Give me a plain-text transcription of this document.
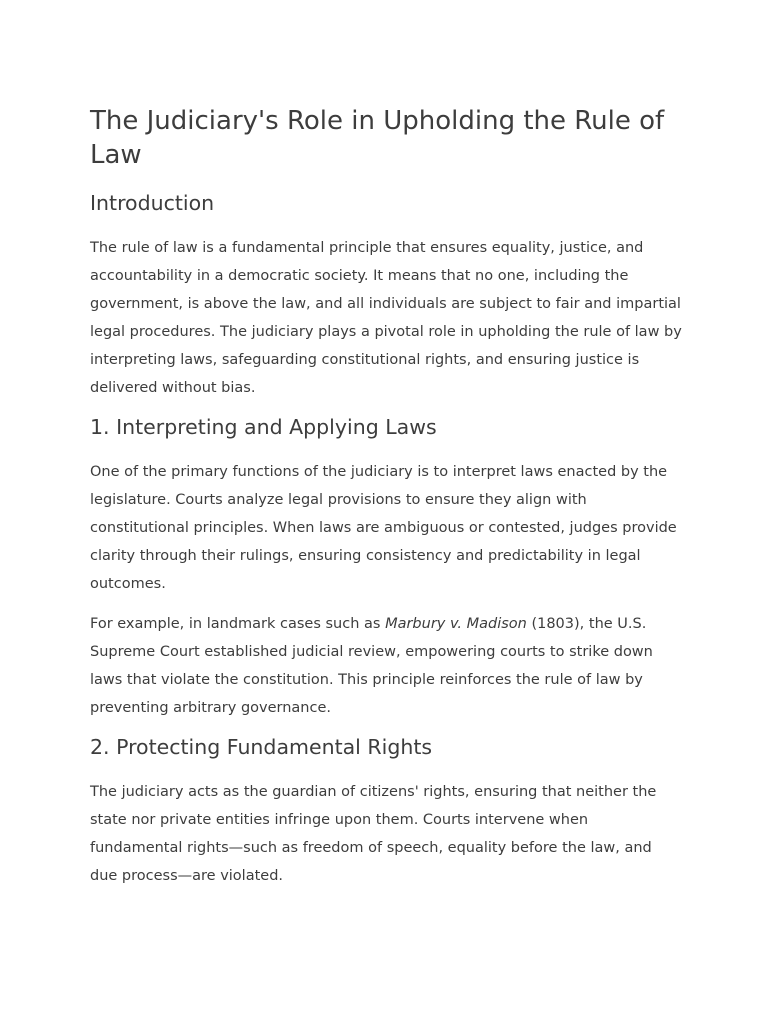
The Judiciary's Role in Upholding the Rule of Law
Introduction

The rule of law is a fundamental principle that ensures equality, justice, and accountability in a democratic society. It means that no one, including the government, is above the law, and all individuals are subject to fair and impartial legal procedures. The judiciary plays a pivotal role in upholding the rule of law by interpreting laws, safeguarding constitutional rights, and ensuring justice is delivered without bias.

1. Interpreting and Applying Laws

One of the primary functions of the judiciary is to interpret laws enacted by the legislature. Courts analyze legal provisions to ensure they align with constitutional principles. When laws are ambiguous or contested, judges provide clarity through their rulings, ensuring consistency and predictability in legal outcomes.

For example, in landmark cases such as Marbury v. Madison (1803), the U.S. Supreme Court established judicial review, empowering courts to strike down laws that violate the constitution. This principle reinforces the rule of law by preventing arbitrary governance.

2. Protecting Fundamental Rights

The judiciary acts as the guardian of citizens' rights, ensuring that neither the state nor private entities infringe upon them. Courts intervene when fundamental rights—such as freedom of speech, equality before the law, and due process—are violated.
